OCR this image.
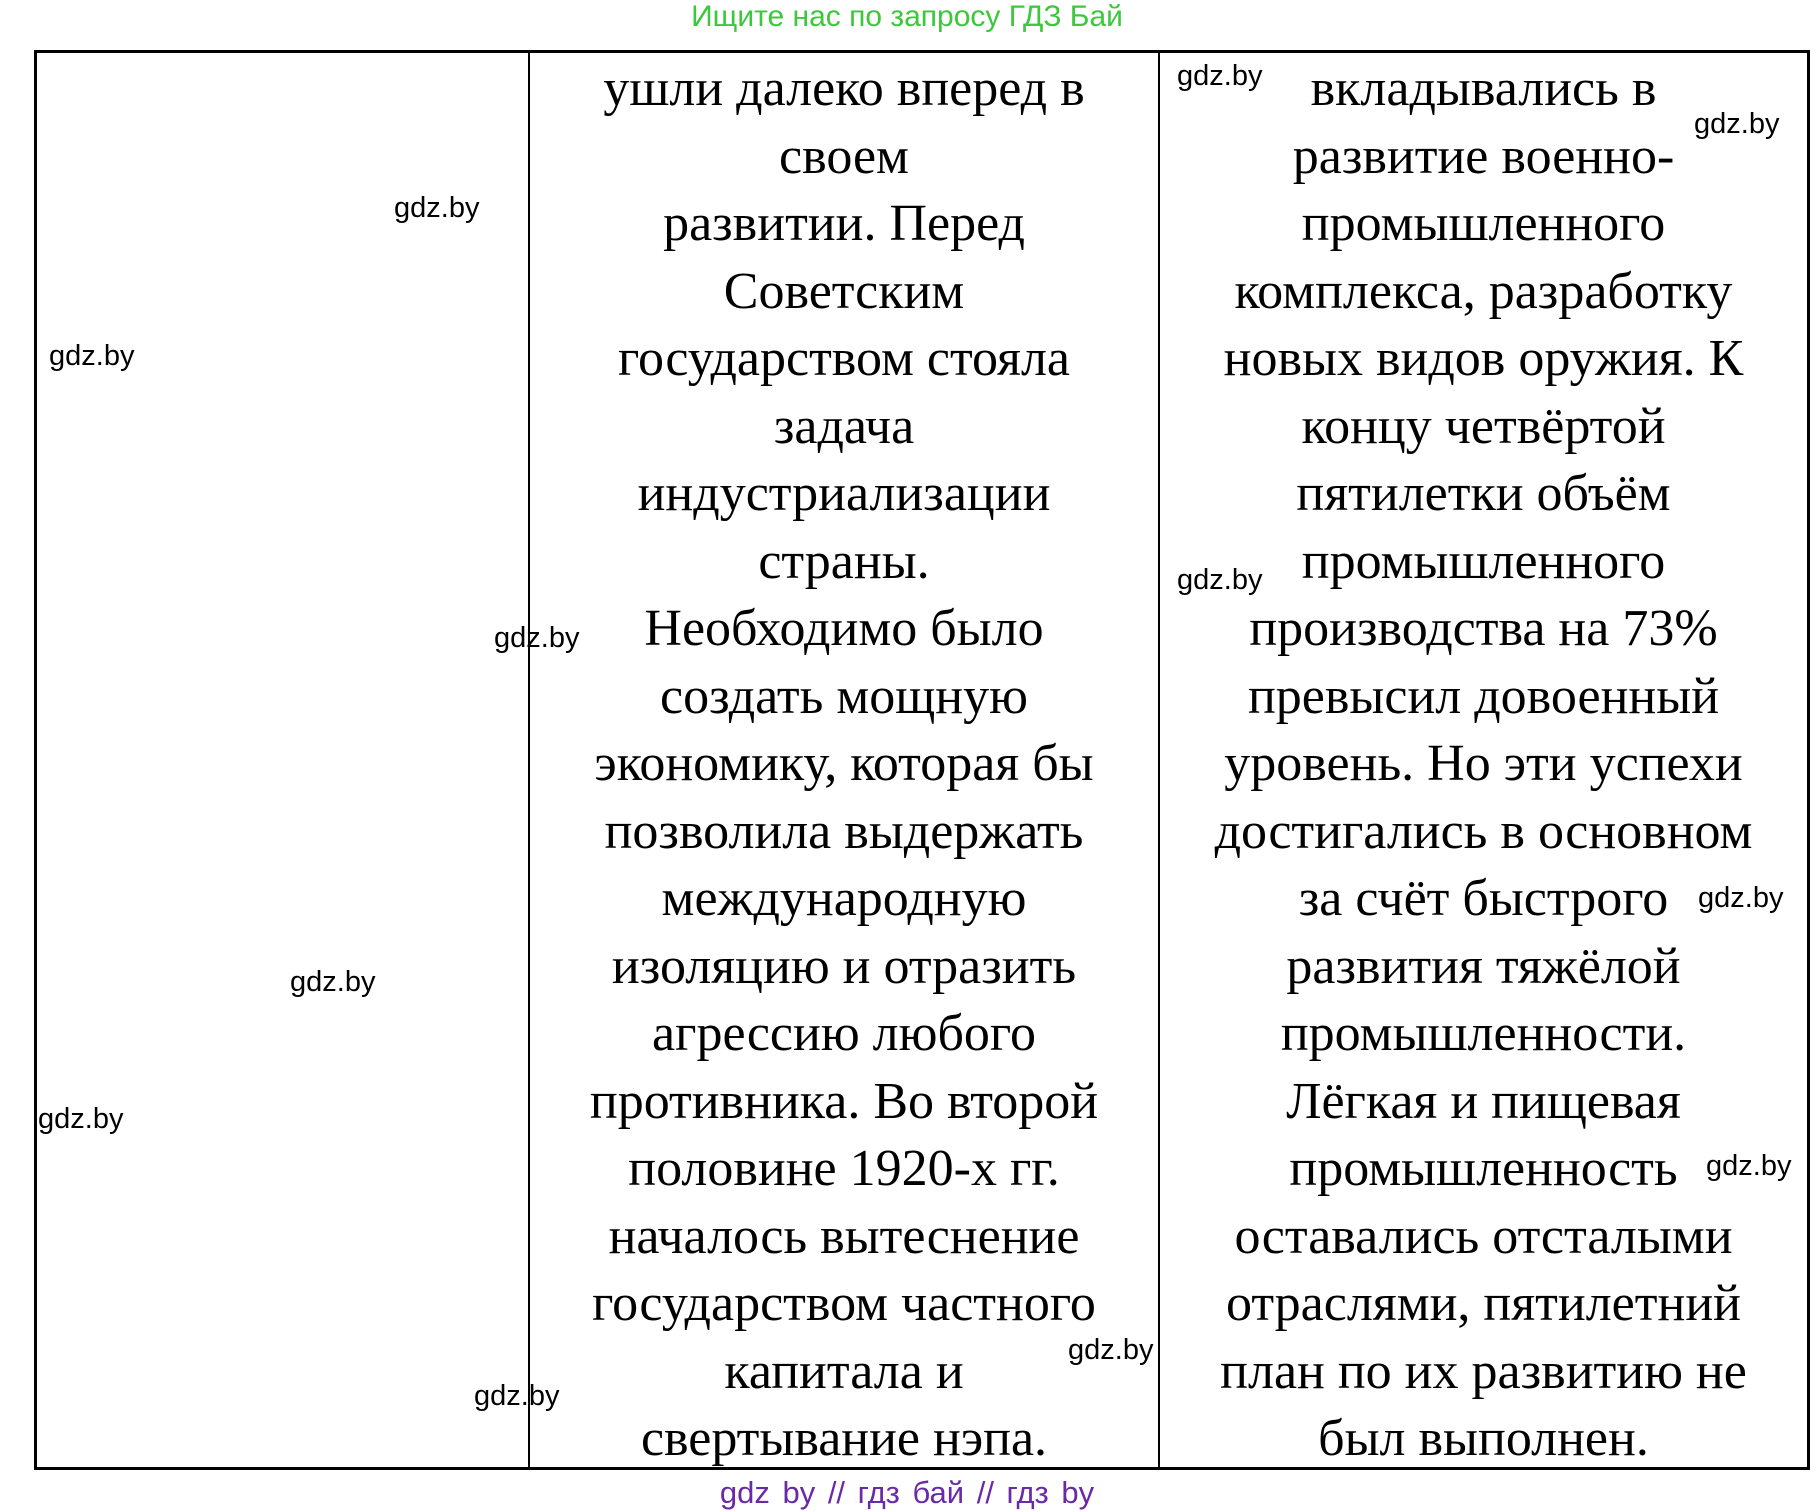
Ищите нас по запросу ГДЗ Бай

ушли далеко вперед в
своем
развитии. Перед
Советским
государством стояла
задача
индустриализации
страны.
Необходимо было
создать мощную
экономику, которая бы
позволила выдержать
международную
изоляцию и отразить
агрессию любого
противника. Во второй
половине 1920-х гг.
началось вытеснение
государством частного
капитала и
свертывание нэпа.

вкладывались в
развитие военно-
промышленного
комплекса, разработку
новых видов оружия. К
концу четвёртой
пятилетки объём
промышленного
производства на 73%
превысил довоенный
уровень. Но эти успехи
достигались в основном
за счёт быстрого
развития тяжёлой
промышленности.
Лёгкая и пищевая
промышленность
оставались отсталыми
отраслями, пятилетний
план по их развитию не
был выполнен.

gdz.by
gdz.by
gdz.by
gdz.by
gdz.by
gdz.by
gdz.by
gdz.by
gdz.by
gdz.by
gdz.by
gdz.by
gdz by // гдз бай // гдз by
